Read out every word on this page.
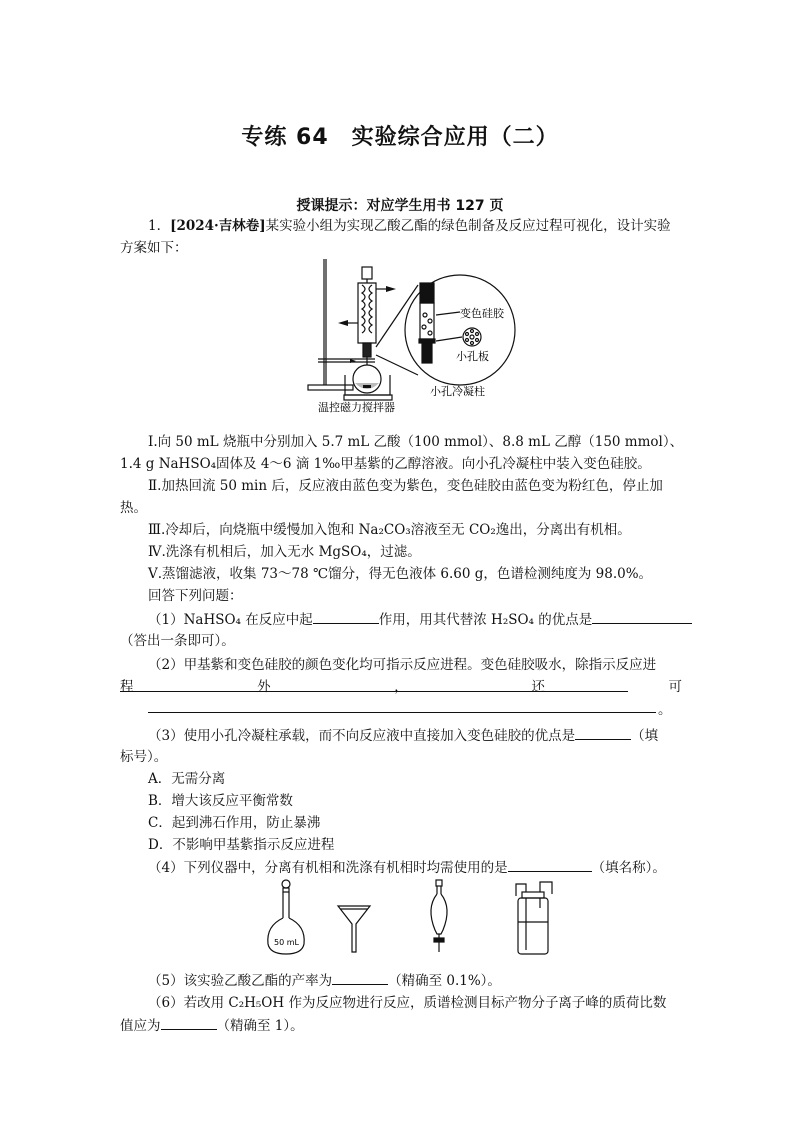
专练 64　实验综合应用（二）
授课提示：对应学生用书 127 页
1．[2024·吉林卷]某实验小组为实现乙酸乙酯的绿色制备及反应过程可视化，设计实验
方案如下：
变色硅胶
小孔板
温控磁力搅拌器
小孔冷凝柱
Ⅰ.向 50 mL 烧瓶中分别加入 5.7 mL 乙酸（100 mmol）、8.8 mL 乙醇（150 mmol）、
1.4 g NaHSO₄固体及 4～6 滴 1‰甲基紫的乙醇溶液。向小孔冷凝柱中装入变色硅胶。
Ⅱ.加热回流 50 min 后，反应液由蓝色变为紫色，变色硅胶由蓝色变为粉红色，停止加
热。
Ⅲ.冷却后，向烧瓶中缓慢加入饱和 Na₂CO₃溶液至无 CO₂逸出，分离出有机相。
Ⅳ.洗涤有机相后，加入无水 MgSO₄，过滤。
Ⅴ.蒸馏滤液，收集 73～78 ℃馏分，得无色液体 6.60 g，色谱检测纯度为 98.0%。
回答下列问题：
（1）NaHSO₄ 在反应中起	作用，用其代替浓 H₂SO₄ 的优点是
（答出一条即可）。
（2）甲基紫和变色硅胶的颜色变化均可指示反应进程。变色硅胶吸水，除指示反应进
程	外	，	还	可
。
（3）使用小孔冷凝柱承载，而不向反应液中直接加入变色硅胶的优点是	（填
标号）。
A．无需分离
B．增大该反应平衡常数
C．起到沸石作用，防止暴沸
D．不影响甲基紫指示反应进程
（4）下列仪器中，分离有机相和洗涤有机相时均需使用的是	（填名称）。
50 mL
（5）该实验乙酸乙酯的产率为	（精确至 0.1%）。
（6）若改用 C₂H₅OH 作为反应物进行反应，质谱检测目标产物分子离子峰的质荷比数
值应为	（精确至 1）。
